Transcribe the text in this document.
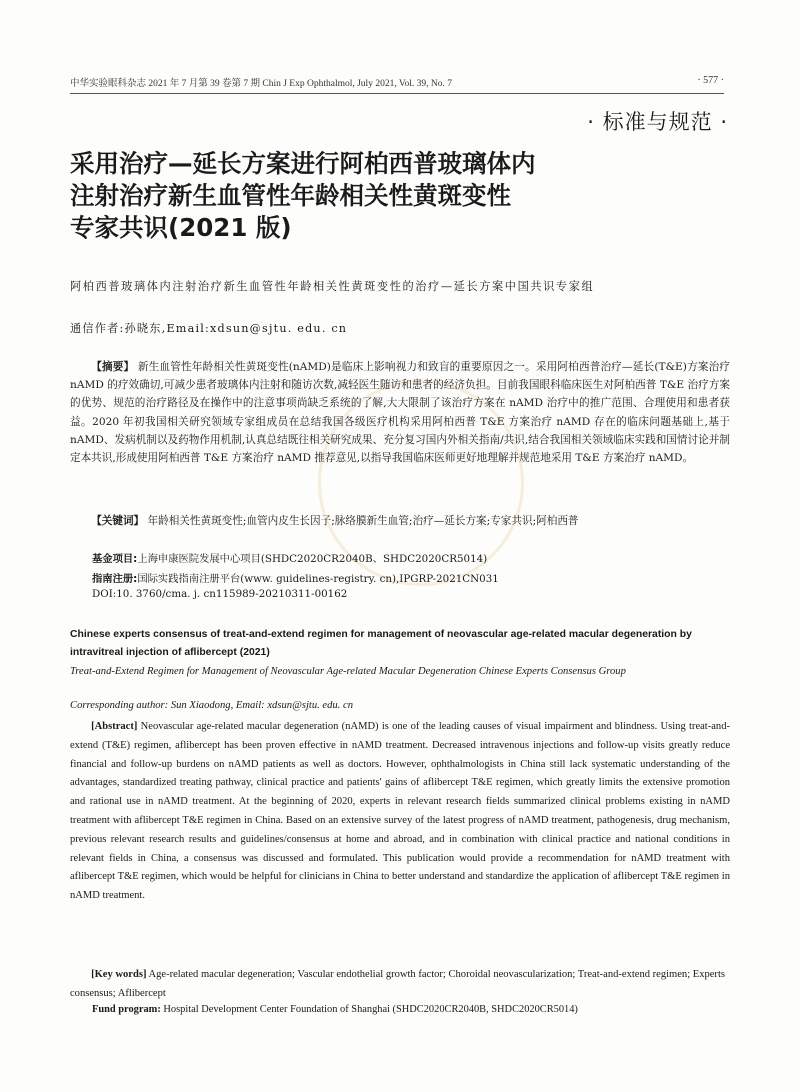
中华实验眼科杂志 2021 年 7 月第 39 卷第 7 期 Chin J Exp Ophthalmol, July 2021, Vol. 39, No. 7	· 577 ·
· 标准与规范 ·
采用治疗—延长方案进行阿柏西普玻璃体内
注射治疗新生血管性年龄相关性黄斑变性
专家共识(2021 版)

阿柏西普玻璃体内注射治疗新生血管性年龄相关性黄斑变性的治疗—延长方案中国共识专家组

通信作者:孙晓东,Email:xdsun@sjtu. edu. cn

【摘要】 新生血管性年龄相关性黄斑变性(nAMD)是临床上影响视力和致盲的重要原因之一。采用阿柏西普治疗—延长(T&E)方案治疗 nAMD 的疗效确切,可减少患者玻璃体内注射和随访次数,减轻医生随访和患者的经济负担。目前我国眼科临床医生对阿柏西普 T&E 治疗方案的优势、规范的治疗路径及在操作中的注意事项尚缺乏系统的了解,大大限制了该治疗方案在 nAMD 治疗中的推广范围、合理使用和患者获益。2020 年初我国相关研究领域专家组成员在总结我国各级医疗机构采用阿柏西普 T&E 方案治疗 nAMD 存在的临床问题基础上,基于 nAMD、发病机制以及药物作用机制,认真总结既往相关研究成果、充分复习国内外相关指南/共识,结合我国相关领域临床实践和国情讨论并制定本共识,形成使用阿柏西普 T&E 方案治疗 nAMD 推荐意见,以指导我国临床医师更好地理解并规范地采用 T&E 方案治疗 nAMD。

【关键词】 年龄相关性黄斑变性;血管内皮生长因子;脉络膜新生血管;治疗—延长方案;专家共识;阿柏西普

基金项目:上海申康医院发展中心项目(SHDC2020CR2040B、SHDC2020CR5014)
指南注册:国际实践指南注册平台(www. guidelines-registry. cn),IPGRP-2021CN031
DOI:10. 3760/cma. j. cn115989-20210311-00162

Chinese experts consensus of treat-and-extend regimen for management of neovascular age-related macular degeneration by intravitreal injection of aflibercept (2021)

Treat-and-Extend Regimen for Management of Neovascular Age-related Macular Degeneration Chinese Experts Consensus Group

Corresponding author: Sun Xiaodong, Email: xdsun@sjtu. edu. cn

[Abstract] Neovascular age-related macular degeneration (nAMD) is one of the leading causes of visual impairment and blindness. Using treat-and-extend (T&E) regimen, aflibercept has been proven effective in nAMD treatment. Decreased intravenous injections and follow-up visits greatly reduce financial and follow-up burdens on nAMD patients as well as doctors. However, ophthalmologists in China still lack systematic understanding of the advantages, standardized treating pathway, clinical practice and patients' gains of aflibercept T&E regimen, which greatly limits the extensive promotion and rational use in nAMD treatment. At the beginning of 2020, experts in relevant research fields summarized clinical problems existing in nAMD treatment with aflibercept T&E regimen in China. Based on an extensive survey of the latest progress of nAMD treatment, pathogenesis, drug mechanism, previous relevant research results and guidelines/consensus at home and abroad, and in combination with clinical practice and national conditions in relevant fields in China, a consensus was discussed and formulated. This publication would provide a recommendation for nAMD treatment with aflibercept T&E regimen, which would be helpful for clinicians in China to better understand and standardize the application of aflibercept T&E regimen in nAMD treatment.

[Key words] Age-related macular degeneration; Vascular endothelial growth factor; Choroidal neovascularization; Treat-and-extend regimen; Experts consensus; Aflibercept

Fund program: Hospital Development Center Foundation of Shanghai (SHDC2020CR2040B, SHDC2020CR5014)
